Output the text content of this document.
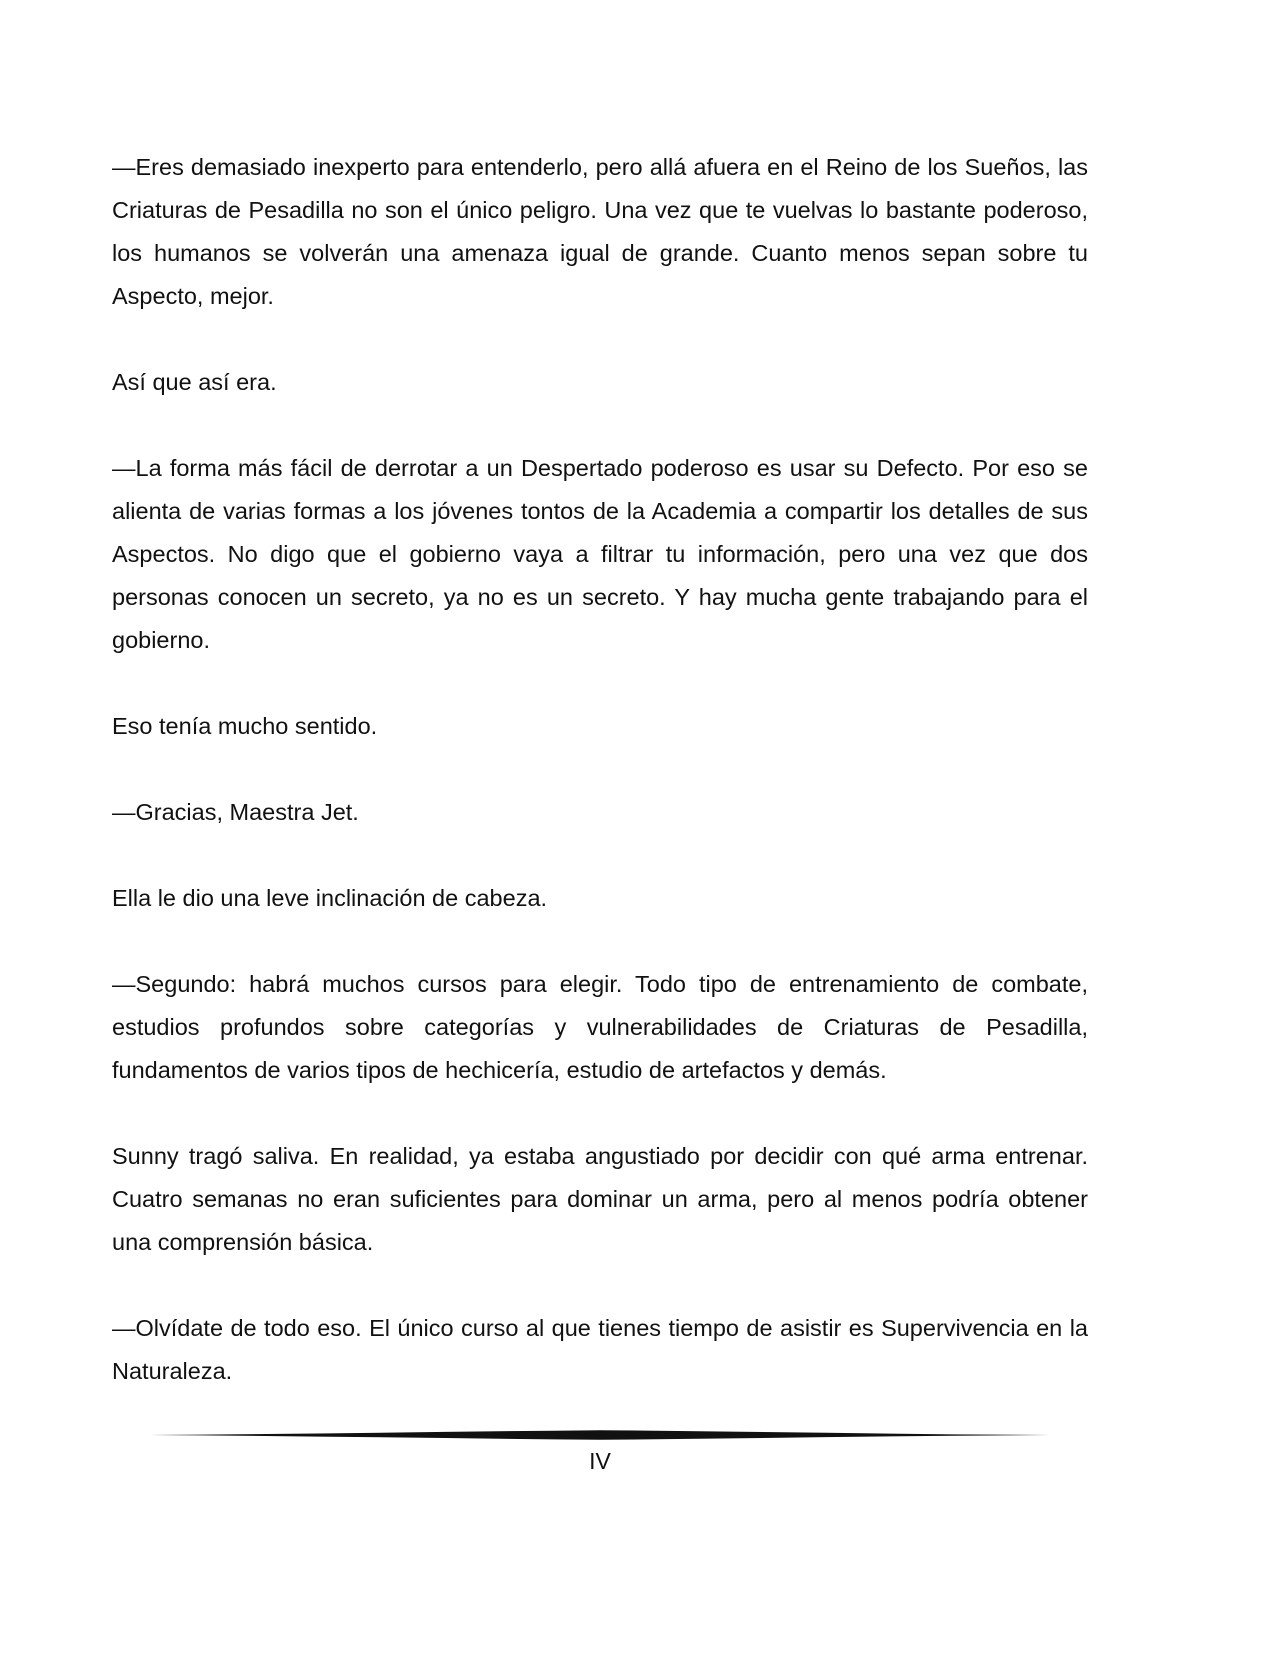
—Eres demasiado inexperto para entenderlo, pero allá afuera en el Reino de los Sueños, las Criaturas de Pesadilla no son el único peligro. Una vez que te vuelvas lo bastante poderoso, los humanos se volverán una amenaza igual de grande. Cuanto menos sepan sobre tu Aspecto, mejor.

Así que así era.

—La forma más fácil de derrotar a un Despertado poderoso es usar su Defecto. Por eso se alienta de varias formas a los jóvenes tontos de la Academia a compartir los detalles de sus Aspectos. No digo que el gobierno vaya a filtrar tu información, pero una vez que dos personas conocen un secreto, ya no es un secreto. Y hay mucha gente trabajando para el gobierno.

Eso tenía mucho sentido.

—Gracias, Maestra Jet.

Ella le dio una leve inclinación de cabeza.

—Segundo: habrá muchos cursos para elegir. Todo tipo de entrenamiento de combate, estudios profundos sobre categorías y vulnerabilidades de Criaturas de Pesadilla, fundamentos de varios tipos de hechicería, estudio de artefactos y demás.

Sunny tragó saliva. En realidad, ya estaba angustiado por decidir con qué arma entrenar. Cuatro semanas no eran suficientes para dominar un arma, pero al menos podría obtener una comprensión básica.

—Olvídate de todo eso. El único curso al que tienes tiempo de asistir es Supervivencia en la Naturaleza.

IV
